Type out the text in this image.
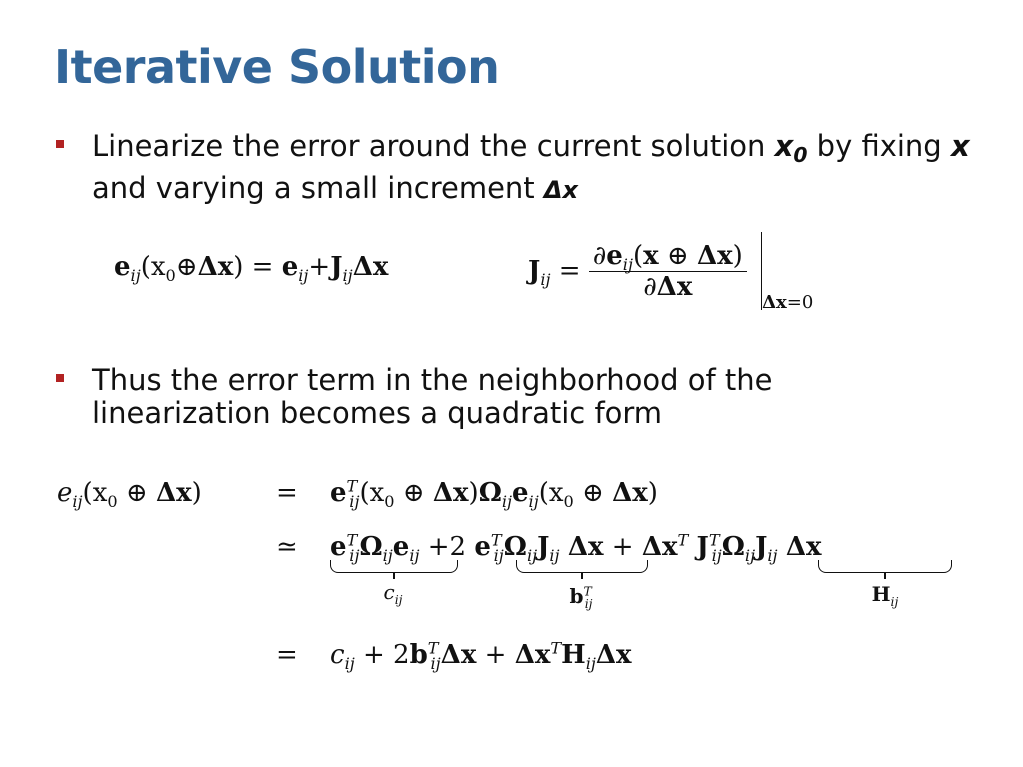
Iterative Solution
Linearize the error around the current solution $x_0$ by fixing x and varying a small increment Δx
$e_{ij}(x_0\oplus\Delta x) = e_{ij}+J_{ij}\Delta x$	$J_{ij} = \frac{\partial e_{ij}(x \oplus \Delta x)}{\partial\Delta x}$
$_{\Delta x=0}$
Thus the error term in the neighborhood of the linearization becomes a quadratic form
$e_{ij}(x_0$ ⊕ Δx)	= $e^T_{ij}(x_0$ ⊕ $\Delta x)\Omega_{ij}e_{ij}(x_0$ ⊕ Δx)
≃ $e^T_{ij}\Omega_{ij}e_{ij} +2$ $e^T_{ij}\Omega_{ij}J_{ij}$ $\Delta x + \Delta x^T$ $J^T_{ij}\Omega_{ij}J_{ij}$ Δx
$c_{ij}$	$b^T_{ij}$	$H_{ij}$
= $c_{ij} + 2b^T_{ij}\Delta x + \Delta x^TH_{ij}\Delta x$
